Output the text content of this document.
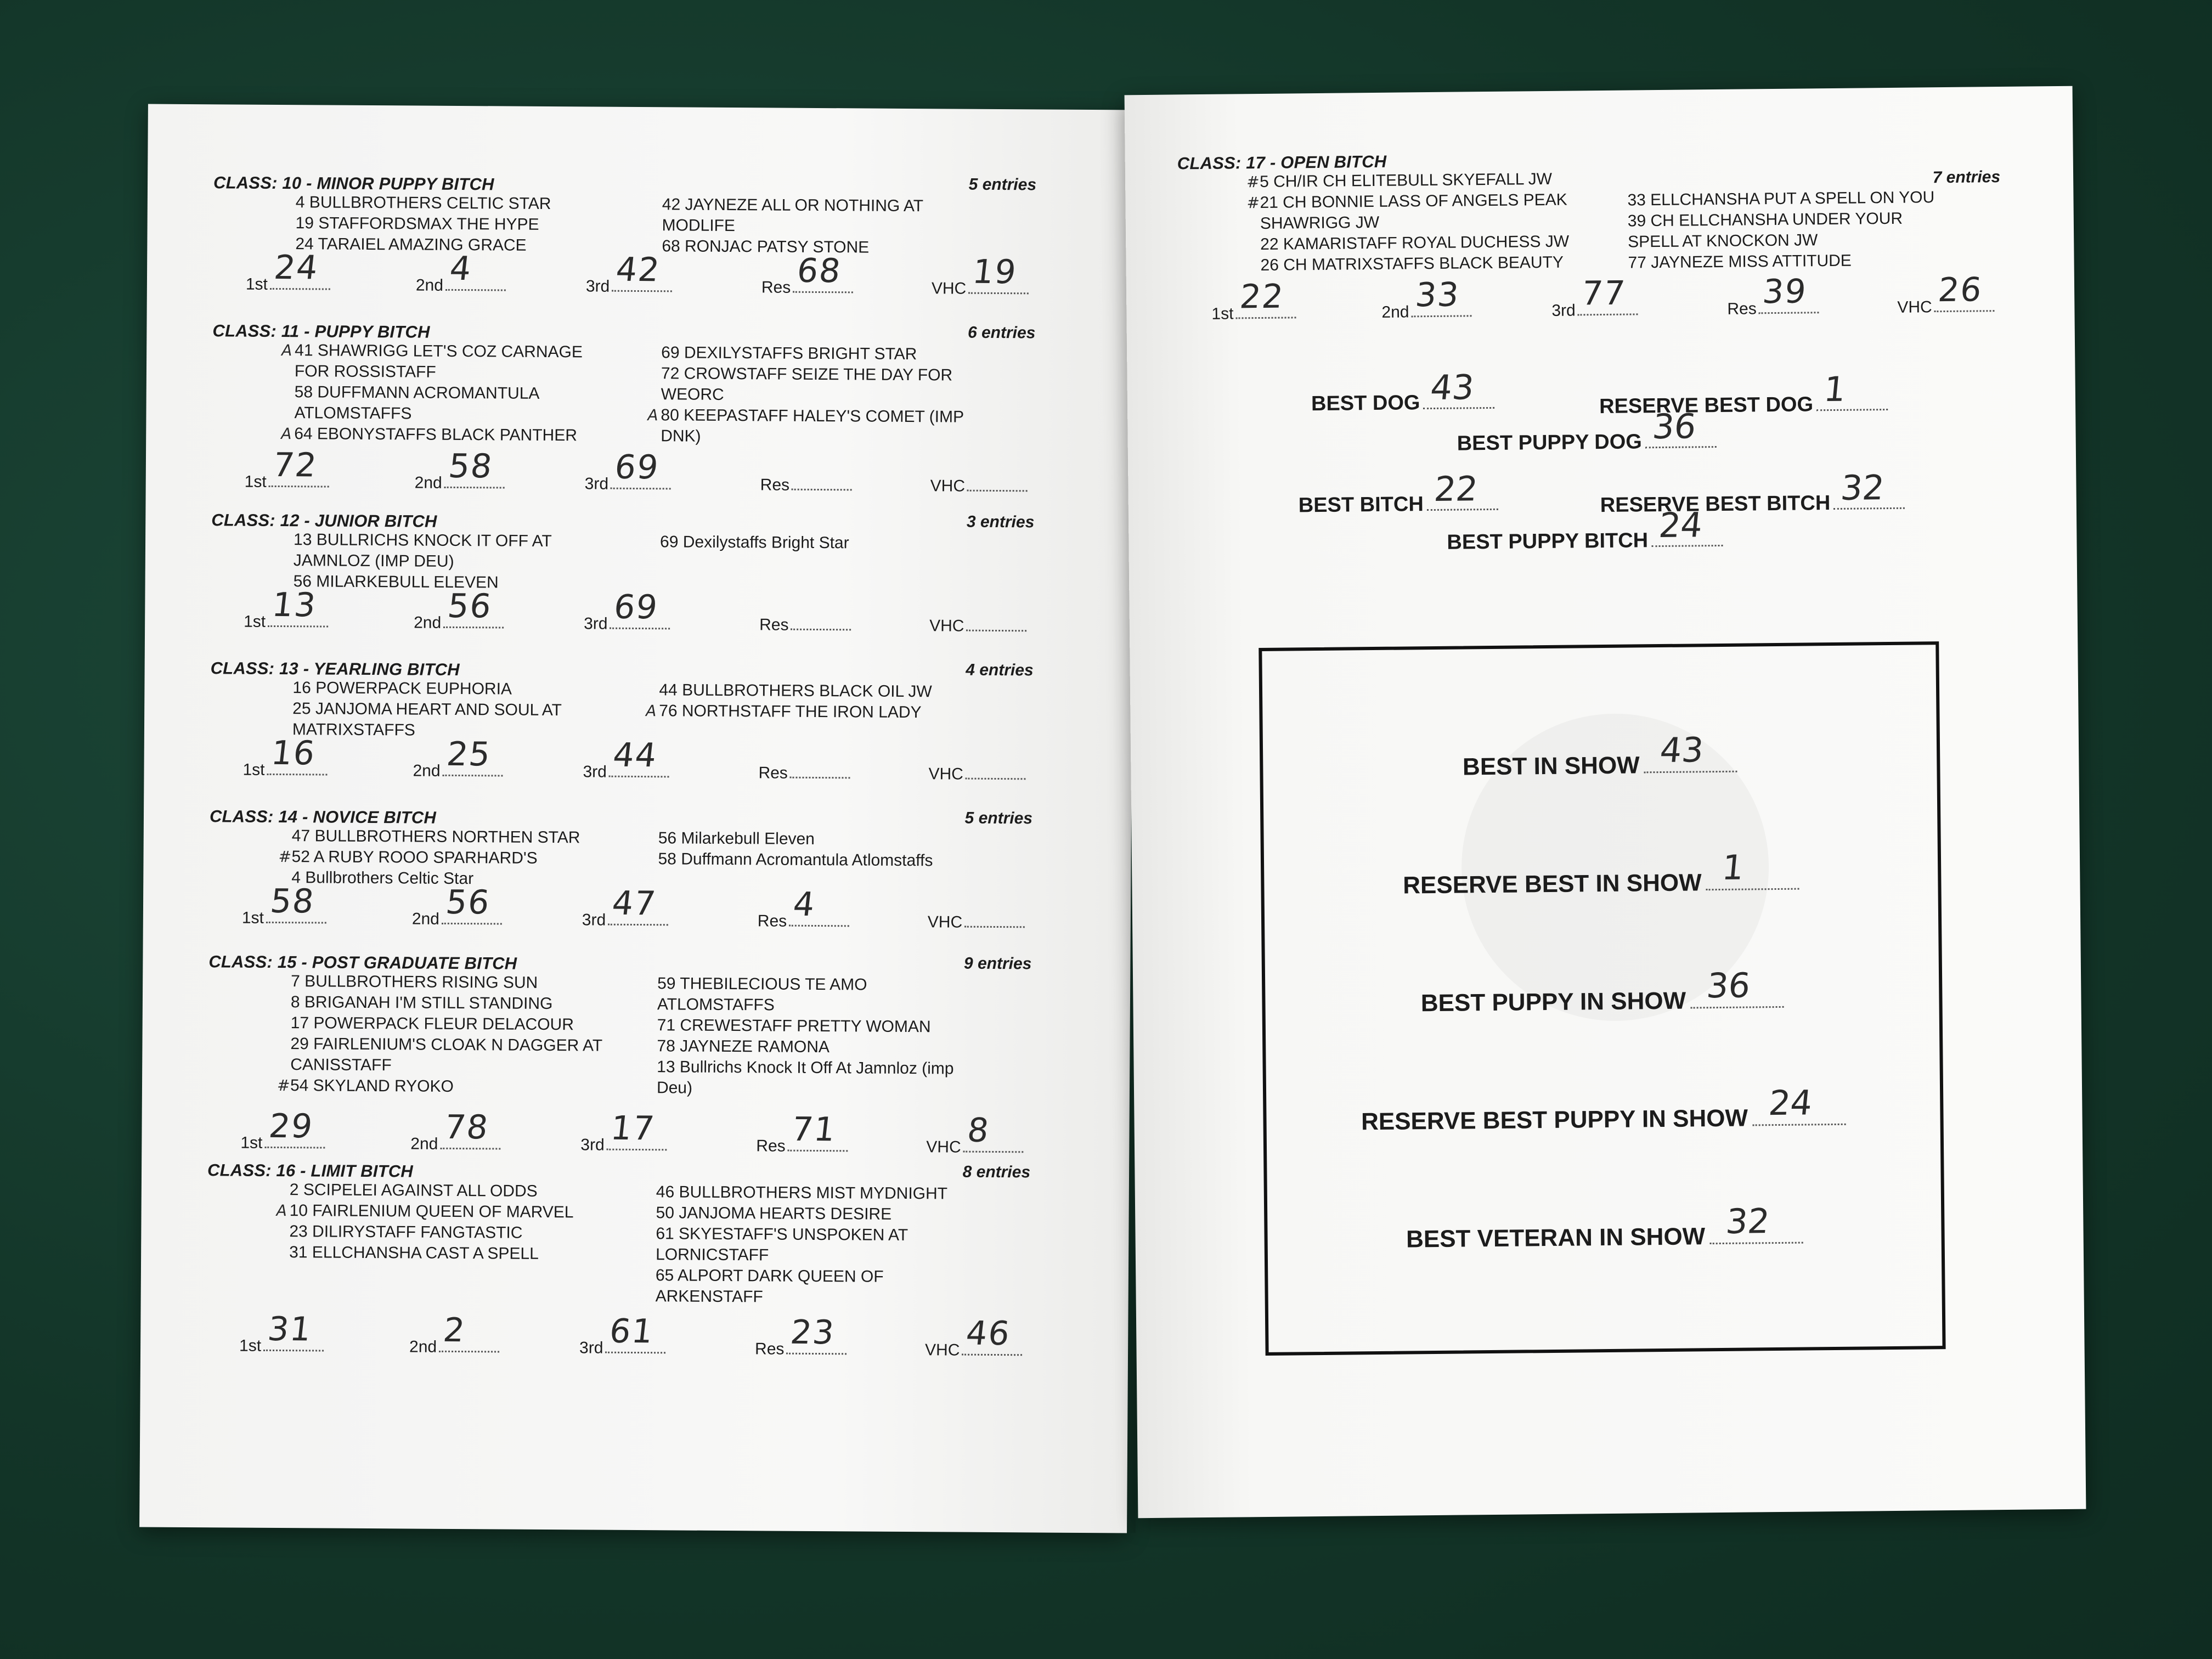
CLASS: 10 - MINOR PUPPY BITCH	5 entries
4 BULLBROTHERS CELTIC STAR
19 STAFFORDSMAX THE HYPE
24 TARAIEL AMAZING GRACE
42 JAYNEZE ALL OR NOTHING AT
MODLIFE
68 RONJAC PATSY STONE
1st 24	2nd 4	3rd 42	Res 68	VHC 19
CLASS: 11 - PUPPY BITCH	6 entries
A 41 SHAWRIGG LET'S COZ CARNAGE
FOR ROSSISTAFF
58 DUFFMANN ACROMANTULA
ATLOMSTAFFS
A 64 EBONYSTAFFS BLACK PANTHER
69 DEXILYSTAFFS BRIGHT STAR
72 CROWSTAFF SEIZE THE DAY FOR
WEORC
A 80 KEEPASTAFF HALEY'S COMET (IMP
DNK)
1st 72	2nd 58	3rd 69	Res	VHC
CLASS: 12 - JUNIOR BITCH	3 entries
13 BULLRICHS KNOCK IT OFF AT
JAMNLOZ (IMP DEU)
56 MILARKEBULL ELEVEN
69 Dexilystaffs Bright Star
1st 13	2nd 56	3rd 69	Res	VHC
CLASS: 13 - YEARLING BITCH	4 entries
16 POWERPACK EUPHORIA
25 JANJOMA HEART AND SOUL AT
MATRIXSTAFFS
44 BULLBROTHERS BLACK OIL JW
A 76 NORTHSTAFF THE IRON LADY
1st 16	2nd 25	3rd 44	Res	VHC
CLASS: 14 - NOVICE BITCH	5 entries
47 BULLBROTHERS NORTHEN STAR
# 52 A RUBY ROOO SPARHARD'S
4 Bullbrothers Celtic Star
56 Milarkebull Eleven
58 Duffmann Acromantula Atlomstaffs
1st 58	2nd 56	3rd 47	Res 4	VHC
CLASS: 15 - POST GRADUATE BITCH	9 entries
7 BULLBROTHERS RISING SUN
8 BRIGANAH I'M STILL STANDING
17 POWERPACK FLEUR DELACOUR
29 FAIRLENIUM'S CLOAK N DAGGER AT
CANISSTAFF
# 54 SKYLAND RYOKO
59 THEBILECIOUS TE AMO
ATLOMSTAFFS
71 CREWESTAFF PRETTY WOMAN
78 JAYNEZE RAMONA
13 Bullrichs Knock It Off At Jamnloz (imp
Deu)
1st 29	2nd 78	3rd 17	Res 71	VHC 8
CLASS: 16 - LIMIT BITCH	8 entries
2 SCIPELEI AGAINST ALL ODDS
A 10 FAIRLENIUM QUEEN OF MARVEL
23 DILIRYSTAFF FANGTASTIC
31 ELLCHANSHA CAST A SPELL
46 BULLBROTHERS MIST MYDNIGHT
50 JANJOMA HEARTS DESIRE
61 SKYESTAFF'S UNSPOKEN AT
LORNICSTAFF
65 ALPORT DARK QUEEN OF
ARKENSTAFF
1st 31	2nd 2	3rd 61	Res 23	VHC 46
CLASS: 17 - OPEN BITCH
7 entries
# 5 CH/IR CH ELITEBULL SKYEFALL JW
# 21 CH BONNIE LASS OF ANGELS PEAK
SHAWRIGG JW
22 KAMARISTAFF ROYAL DUCHESS JW
26 CH MATRIXSTAFFS BLACK BEAUTY
33 ELLCHANSHA PUT A SPELL ON YOU
39 CH ELLCHANSHA UNDER YOUR
SPELL AT KNOCKON JW
77 JAYNEZE MISS ATTITUDE
1st 22	2nd 33	3rd 77	Res 39	VHC 26
BEST DOG 43	RESERVE BEST DOG 1
BEST PUPPY DOG 36
BEST BITCH 22	RESERVE BEST BITCH 32
BEST PUPPY BITCH 24
BEST IN SHOW 43
RESERVE BEST IN SHOW 1
BEST PUPPY IN SHOW 36
RESERVE BEST PUPPY IN SHOW 24
BEST VETERAN IN SHOW 32
